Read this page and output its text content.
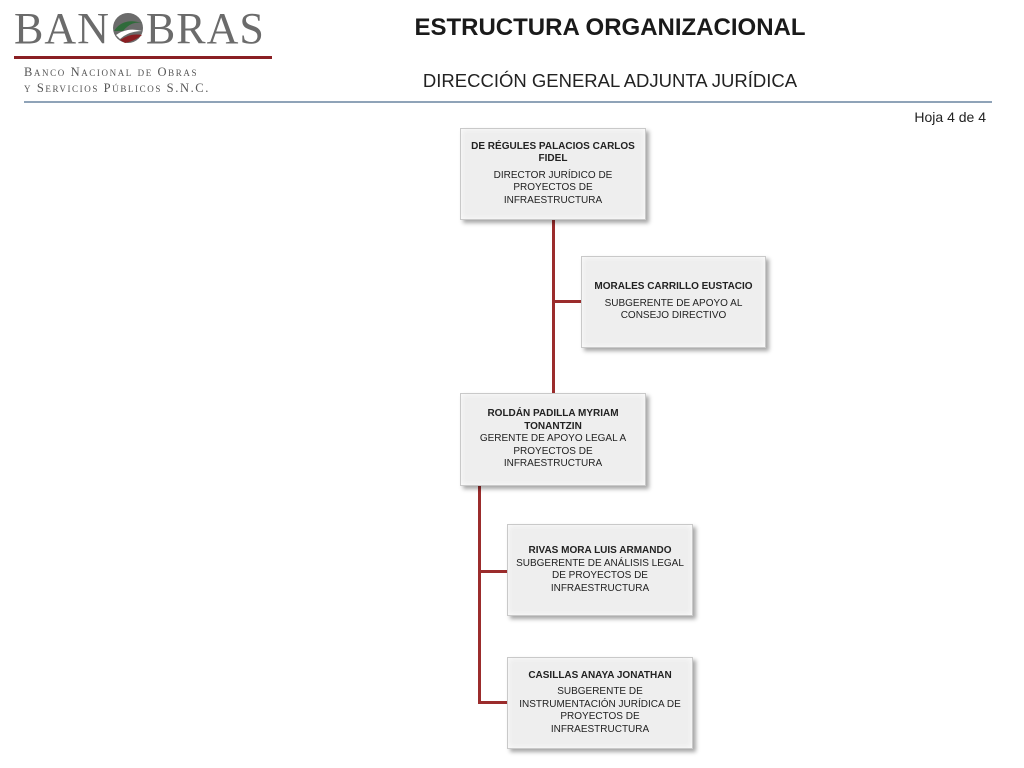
BAN BRAS
Banco Nacional de Obras
y Servicios Públicos S.N.C.
ESTRUCTURA ORGANIZACIONAL
DIRECCIÓN GENERAL ADJUNTA JURÍDICA
Hoja 4 de 4
DE RÉGULES PALACIOS CARLOS FIDEL
DIRECTOR JURÍDICO DE PROYECTOS DE INFRAESTRUCTURA
MORALES CARRILLO EUSTACIO
SUBGERENTE DE APOYO AL CONSEJO DIRECTIVO
ROLDÁN PADILLA MYRIAM TONANTZIN
GERENTE DE APOYO LEGAL A PROYECTOS DE INFRAESTRUCTURA
RIVAS MORA LUIS ARMANDO
SUBGERENTE DE ANÁLISIS LEGAL DE PROYECTOS DE INFRAESTRUCTURA
CASILLAS ANAYA JONATHAN
SUBGERENTE DE INSTRUMENTACIÓN JURÍDICA DE PROYECTOS DE INFRAESTRUCTURA
